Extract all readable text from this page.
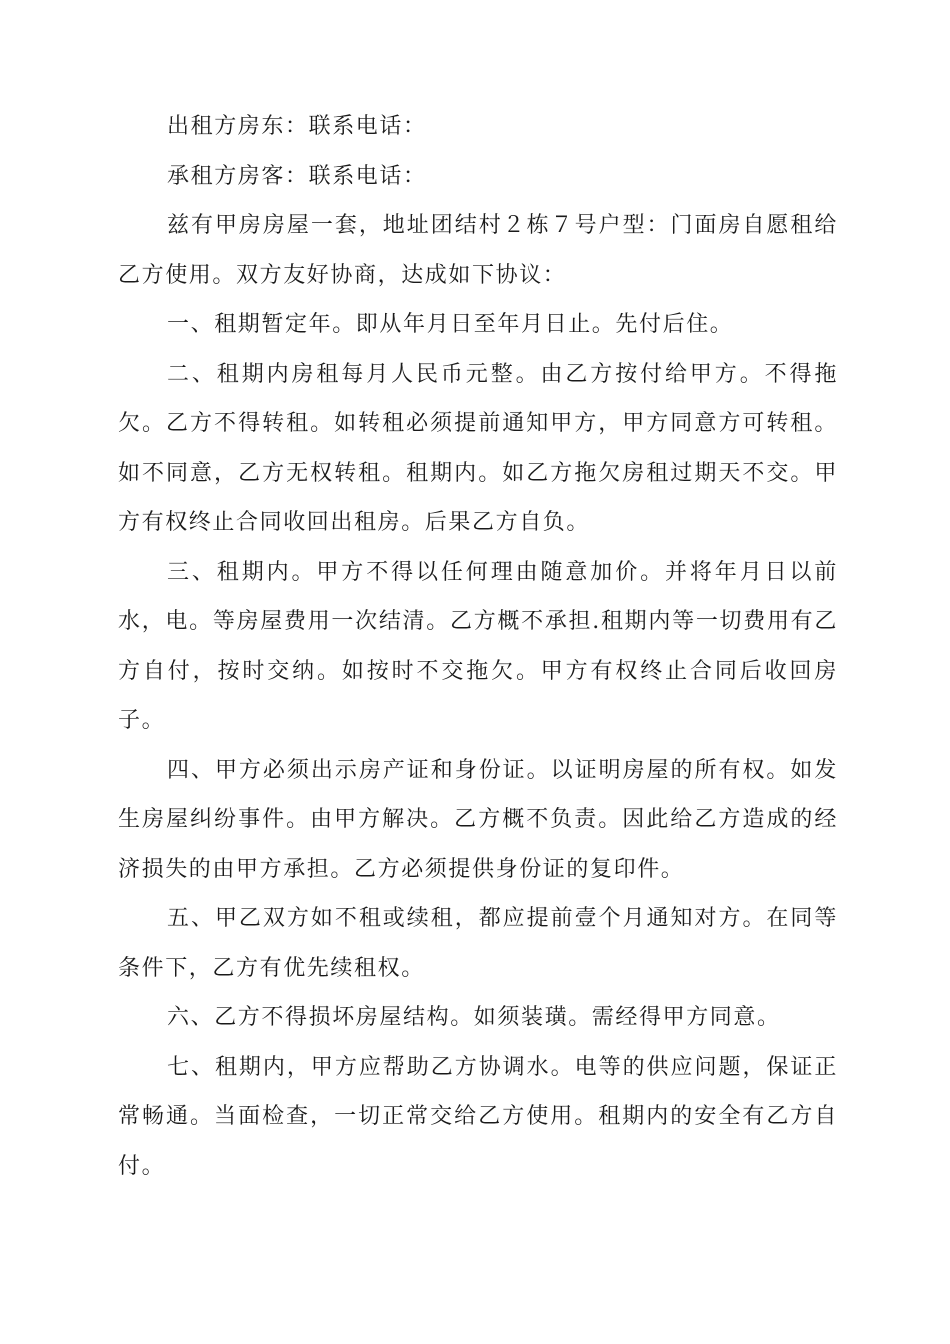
出租方房东：联系电话：

承租方房客：联系电话：

兹有甲房房屋一套，地址团结村２栋７号户型：门面房自愿租给乙方使用。双方友好协商，达成如下协议：

一、租期暂定年。即从年月日至年月日止。先付后住。

二、租期内房租每月人民币元整。由乙方按付给甲方。不得拖欠。乙方不得转租。如转租必须提前通知甲方，甲方同意方可转租。如不同意，乙方无权转租。租期内。如乙方拖欠房租过期天不交。甲方有权终止合同收回出租房。后果乙方自负。

三、租期内。甲方不得以任何理由随意加价。并将年月日以前水，电。等房屋费用一次结清。乙方概不承担.租期内等一切费用有乙方自付，按时交纳。如按时不交拖欠。甲方有权终止合同后收回房子。

四、甲方必须出示房产证和身份证。以证明房屋的所有权。如发生房屋纠纷事件。由甲方解决。乙方概不负责。因此给乙方造成的经济损失的由甲方承担。乙方必须提供身份证的复印件。

五、甲乙双方如不租或续租，都应提前壹个月通知对方。在同等条件下，乙方有优先续租权。

六、乙方不得损坏房屋结构。如须装璜。需经得甲方同意。

七、租期内，甲方应帮助乙方协调水。电等的供应问题，保证正常畅通。当面检查，一切正常交给乙方使用。租期内的安全有乙方自付。
